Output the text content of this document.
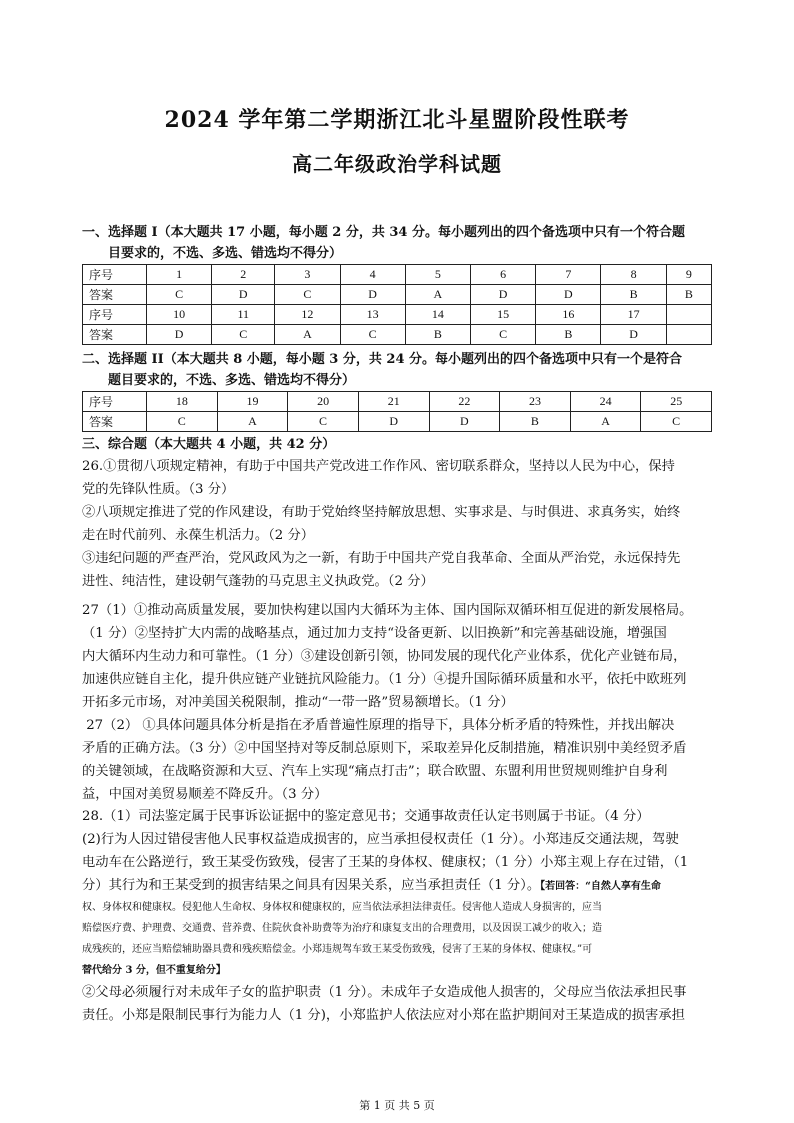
2024 学年第二学期浙江北斗星盟阶段性联考
高二年级政治学科试题
一、选择题 I（本大题共 17 小题，每小题 2 分，共 34 分。每小题列出的四个备选项中只有一个符合题
目要求的，不选、多选、错选均不得分）
序号	1	2	3	4	5	6	7	8	9
答案	C	D	C	D	A	D	D	B	B
序号	10	11	12	13	14	15	16	17	
答案	D	C	A	C	B	C	B	D	
二、选择题 II（本大题共 8 小题，每小题 3 分，共 24 分。每小题列出的四个备选项中只有一个是符合
题目要求的，不选、多选、错选均不得分）
序号	18	19	20	21	22	23	24	25
答案	C	A	C	D	D	B	A	C
三、综合题（本大题共 4 小题，共 42 分）
26.①贯彻八项规定精神，有助于中国共产党改进工作作风、密切联系群众，坚持以人民为中心，保持
党的先锋队性质。（3 分）
②八项规定推进了党的作风建设，有助于党始终坚持解放思想、实事求是、与时俱进、求真务实，始终
走在时代前列、永葆生机活力。（2 分）
③违纪问题的严查严治，党风政风为之一新，有助于中国共产党自我革命、全面从严治党，永远保持先
进性、纯洁性，建设朝气蓬勃的马克思主义执政党。（2 分）
27（1）①推动高质量发展，要加快构建以国内大循环为主体、国内国际双循环相互促进的新发展格局。
（1 分）②坚持扩大内需的战略基点，通过加力支持“设备更新、以旧换新”和完善基础设施，增强国
内大循环内生动力和可靠性。（1 分）③建设创新引领，协同发展的现代化产业体系，优化产业链布局，
加速供应链自主化，提升供应链产业链抗风险能力。（1 分）④提升国际循环质量和水平，依托中欧班列
开拓多元市场，对冲美国关税限制，推动“一带一路”贸易额增长。（1 分）
27（2） ①具体问题具体分析是指在矛盾普遍性原理的指导下，具体分析矛盾的特殊性，并找出解决
矛盾的正确方法。（3 分）②中国坚持对等反制总原则下，采取差异化反制措施，精准识别中美经贸矛盾
的关键领域，在战略资源和大豆、汽车上实现“痛点打击”；联合欧盟、东盟利用世贸规则维护自身利
益，中国对美贸易顺差不降反升。（3 分）
28.（1）司法鉴定属于民事诉讼证据中的鉴定意见书；交通事故责任认定书则属于书证。（4 分）
(2)行为人因过错侵害他人民事权益造成损害的，应当承担侵权责任（1 分）。小郑违反交通法规，驾驶
电动车在公路逆行，致王某受伤致残，侵害了王某的身体权、健康权；（1 分）小郑主观上存在过错，（1
分）其行为和王某受到的损害结果之间具有因果关系，应当承担责任（1 分）。【若回答：“自然人享有生命
权、身体权和健康权。侵犯他人生命权、身体权和健康权的，应当依法承担法律责任。侵害他人造成人身损害的，应当
赔偿医疗费、护理费、交通费、营养费、住院伙食补助费等为治疗和康复支出的合理费用，以及因误工减少的收入；造
成残疾的，还应当赔偿辅助器具费和残疾赔偿金。小郑违规驾车致王某受伤致残，侵害了王某的身体权、健康权。”可
替代给分 3 分，但不重复给分】
②父母必须履行对未成年子女的监护职责（1 分）。未成年子女造成他人损害的，父母应当依法承担民事
责任。小郑是限制民事行为能力人（1 分)，小郑监护人依法应对小郑在监护期间对王某造成的损害承担
第 1 页 共 5 页
